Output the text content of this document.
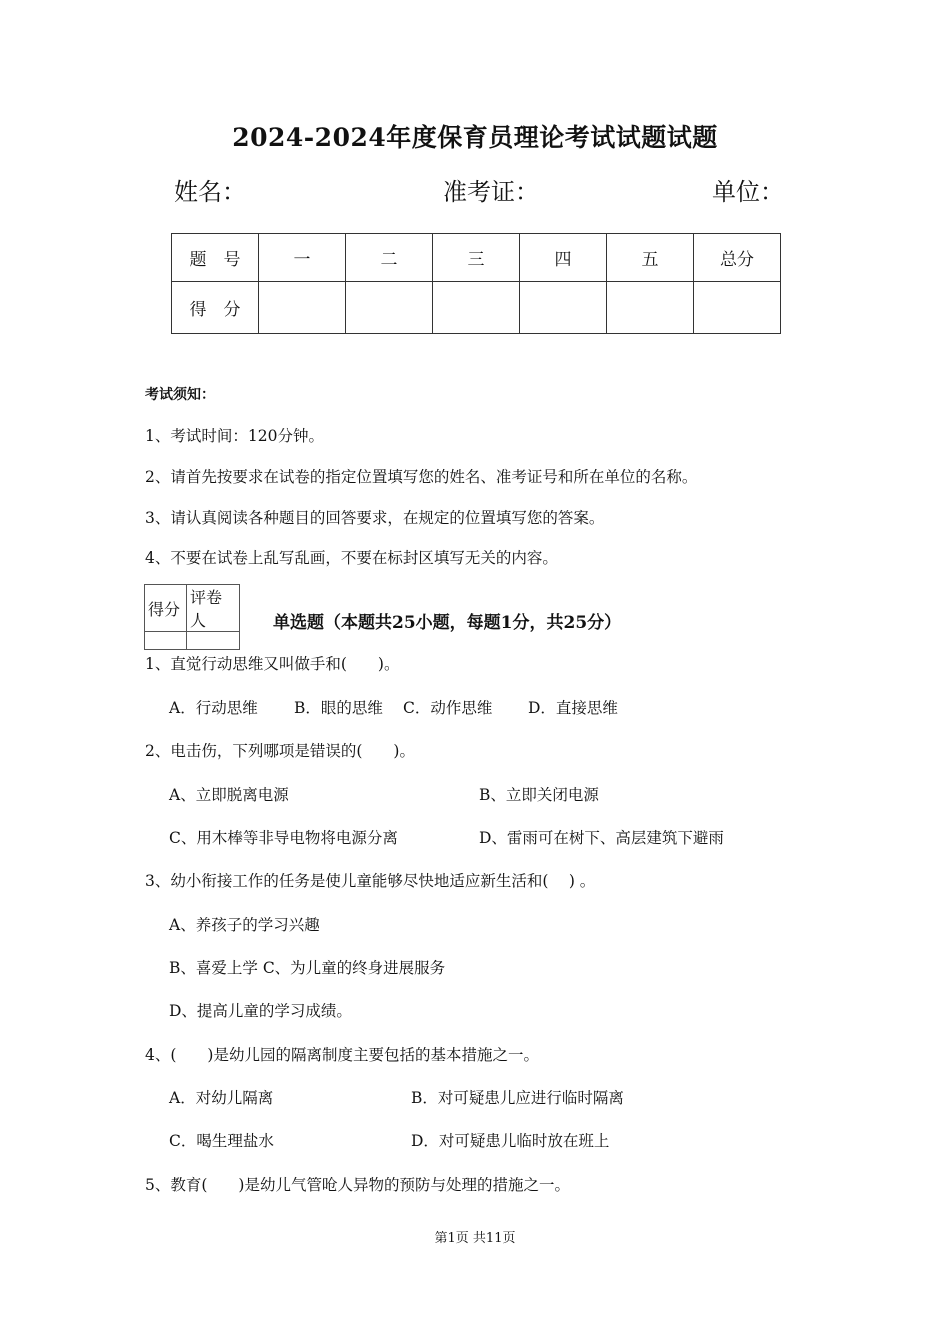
2024-2024年度保育员理论考试试题试题
姓名：	准考证：	单位：
题　号	一	二	三	四	五	总分
得　分						
考试须知：
1、考试时间：120分钟。
2、请首先按要求在试卷的指定位置填写您的姓名、准考证号和所在单位的名称。
3、请认真阅读各种题目的回答要求，在规定的位置填写您的答案。
4、不要在试卷上乱写乱画，不要在标封区填写无关的内容。
得分	评卷人
		单选题（本题共25小题，每题1分，共25分）
1、直觉行动思维又叫做手和(　　)。
A．行动思维 B．眼的思维 C．动作思维 D．直接思维
2、电击伤，下列哪项是错误的(　　)。
A、立即脱离电源	B、立即关闭电源
C、用木棒等非导电物将电源分离	D、雷雨可在树下、高层建筑下避雨
3、幼小衔接工作的任务是使儿童能够尽快地适应新生活和(　 ) 。
A、养孩子的学习兴趣
B、喜爱上学 C、为儿童的终身进展服务
D、提高儿童的学习成绩。
4、(　　)是幼儿园的隔离制度主要包括的基本措施之一。
A．对幼儿隔离	B．对可疑患儿应进行临时隔离
C．喝生理盐水	D．对可疑患儿临时放在班上
5、教育(　　)是幼儿气管呛人异物的预防与处理的措施之一。
第1页 共11页
